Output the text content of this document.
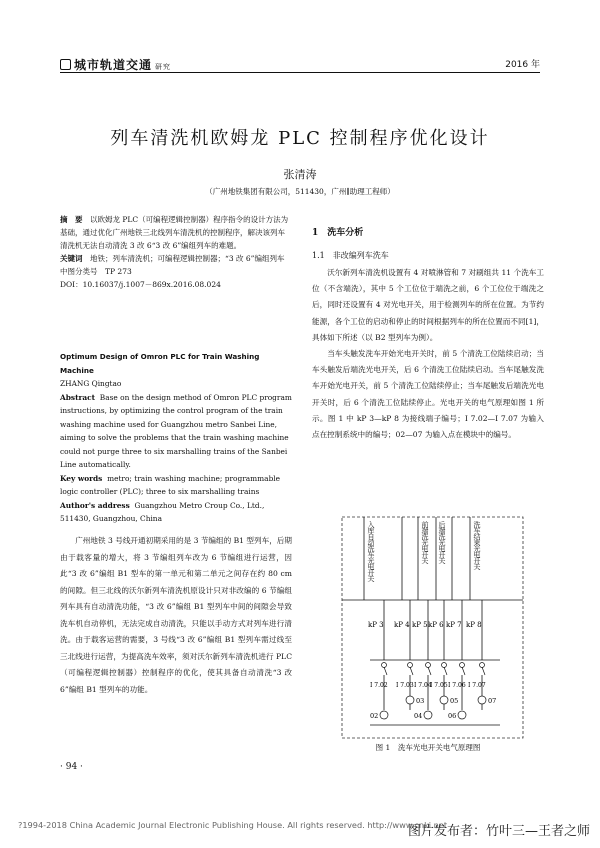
城市轨道交通 研究	2016 年
列车清洗机欧姆龙 PLC 控制程序优化设计
张清涛
（广州地铁集团有限公司，511430，广州∥助理工程师）
摘　要　 以欧姆龙 PLC（可编程逻辑控制器）程序指令的设计方法为基础，通过优化广州地铁三北线列车清洗机的控制程序，解决该列车清洗机无法自动清洗 3 改 6“3 改 6”编组列车的难题。
关键词　 地铁；列车清洗机；可编程逻辑控制器；“3 改 6”编组列车
中图分类号　 TP 273
DOI：10.16037/j.1007－869x.2016.08.024
Optimum Design of Omron PLC for Train Washing Machine
ZHANG Qingtao
Abstract Base on the design method of Omron PLC program instructions, by optimizing the control program of the train washing machine used for Guangzhou metro Sanbei Line, aiming to solve the problems that the train washing machine could not purge three to six marshalling trains of the Sanbei Line automatically.
Key words metro; train washing machine; programmable logic controller (PLC); three to six marshalling trains
Author's address Guangzhou Metro Croup Co., Ltd., 511430, Guangzhou, China
广州地铁 3 号线开通初期采用的是 3 节编组的 B1 型列车，后期由于载客量的增大，将 3 节编组列车改为 6 节编组进行运营，因此“3 改 6”编组 B1 型车的第一单元和第二单元之间存在约 80 cm 的间隙。但三北线的沃尔新列车清洗机原设计只对非改编的 6 节编组列车具有自动清洗功能，“3 改 6”编组 B1 型列车中间的间隙会导致洗车机自动停机，无法完成自动清洗，只能以手动方式对列车进行清洗。由于载客运营的需要，3 号线“3 改 6”编组 B1 型列车需过线至三北线进行运营，为提高洗车效率，须对沃尔新列车清洗机进行 PLC（可编程逻辑控制器）控制程序的优化，使其具备自动清洗“3 改 6”编组 B1 型列车的功能。
1　洗车分析
1.1　非改编列车洗车

沃尔新列车清洗机设置有 4 对喷淋管和 7 对刷组共 11 个洗车工位（不含端洗），其中 5 个工位位于端洗之前，6 个工位位于端洗之后，同时还设置有 4 对光电开关，用于检测列车的所在位置。为节约能源，各个工位的启动和停止的时间根据列车的所在位置而不同[1]，具体如下所述（以 B2 型列车为例）。

当车头触发洗车开始光电开关时，前 5 个清洗工位陆续启动；当车头触发后端洗光电开关，后 6 个清洗工位陆续启动。当车尾触发洗车开始光电开关，前 5 个清洗工位陆续停止；当车尾触发后端洗光电开关时，后 6 个清洗工位陆续停止。光电开关的电气原理如图 1 所示。图 1 中 kP 3—kP 8 为接线端子编号；I 7.02—I 7.07 为输入点在控制系统中的编号；02—07 为输入点在模块中的编号。

入库自动洗车光电开关	前端洗光电开关 后端洗光电开关	洗车结束光电开关
kP 3
I 7.02
02
kP 4
I 7.03
03
kP 5
I 7.04
04
kP 6
I 7.05
05
kP 7
I 7.06
06
kP 8
I 7.07
07
图 1　洗车光电开关电气原理图
· 94 ·
?1994-2018 China Academic Journal Electronic Publishing House. All rights reserved. http://www.cnki.net
图片发布者：竹叶三—王者之师
